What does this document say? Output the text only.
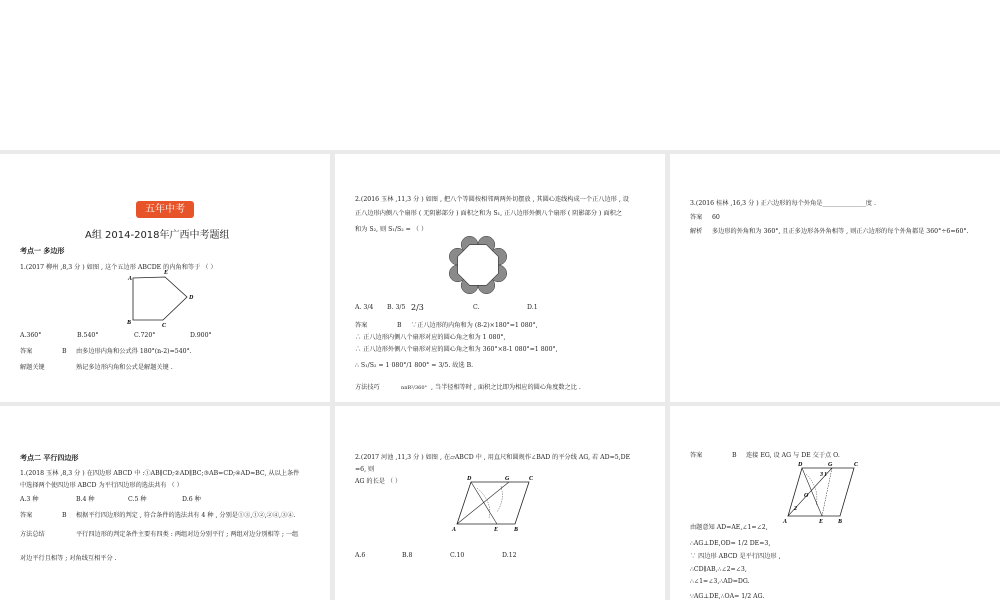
五年中考
A组 2014-2018年广西中考题组
考点一 多边形
1.(2017 柳州 ,8,3 分 ) 如图 , 这个五边形 ABCDE 的内角和等于 （ ）
A
E
D
C
B
A.360°	B.540°	C.720°	D.900°
答案	B 由多边形内角和公式得 180°(n-2)=540°.
解题关键	熟记多边形内角和公式是解题关键 .
2.(2016 玉林 ,11,3 分 ) 如图 , 把八个等圆按相邻两两外切摆放 , 其圆心连线构成一个正八边形 , 设
正八边形内侧八个扇形 ( 无阴影部分 ) 面积之和为 S₁, 正八边形外侧八个扇形 ( 阴影部分 ) 面积之
和为 S₂, 则 S₁/S₂ = （ ）
A. 3/4 B. 3/5 2/3	C.	D.1
答案	B ∵正八边形的内角和为 (8-2)×180°=1 080°,
∴ 正八边形内侧八个扇形对应的圆心角之和为 1 080°,
∴ 正八边形外侧八个扇形对应的圆心角之和为 360°×8-1 080°=1 800°,
∴ S₁/S₂ = 1 080°/1 800° = 3/5. 故选 B.
方法技巧	nπR²/360° , 当半径相等时 , 面积之比即为相应的圆心角度数之比 .
3.(2016 桂林 ,16,3 分 ) 正六边形的每个外角是______________度 .
答案 60
解析 多边形的外角和为 360°, 且正多边形各外角相等 , 则正六边形的每个外角都是 360°÷6=60°.
考点二 平行四边形
1.(2018 玉林 ,8,3 分 ) 在四边形 ABCD 中 :①AB∥CD;②AD∥BC;③AB=CD;④AD=BC, 从以上条件
中选择两个使四边形 ABCD 为平行四边形的选法共有 （ ）
A.3 种	B.4 种	C.5 种	D.6 种
答案	B 根据平行四边形的判定 , 符合条件的选法共有 4 种 , 分别是①③,①②,②④,③④.
方法总结	平行四边形的判定条件主要有四类 : 两组对边分别平行 ; 两组对边分别相等 ; 一组
对边平行且相等 ; 对角线互相平分 .
2.(2017 河池 ,11,3 分 ) 如图 , 在▱ABCD 中 , 用直尺和圆规作∠BAD 的平分线 AG, 若 AD=5,DE
=6, 则
AG 的长是 （ ）	D	G	C
A	E	B
A.6	B.8	C.10	D.12
答案	B 连接 EG, 设 AG 与 DE 交于点 O.
D	G	C
O
3 1
2
A	E B
由题意知 AD=AE,∠1=∠2,
∴AG⊥DE,OD= 1/2 DE=3,
∵ 四边形 ABCD 是平行四边形 ,
∴CD∥AB,∴∠2=∠3,
∴∠1=∠3,∴AD=DG.
∵AG⊥DE,∴OA= 1/2 AG.
